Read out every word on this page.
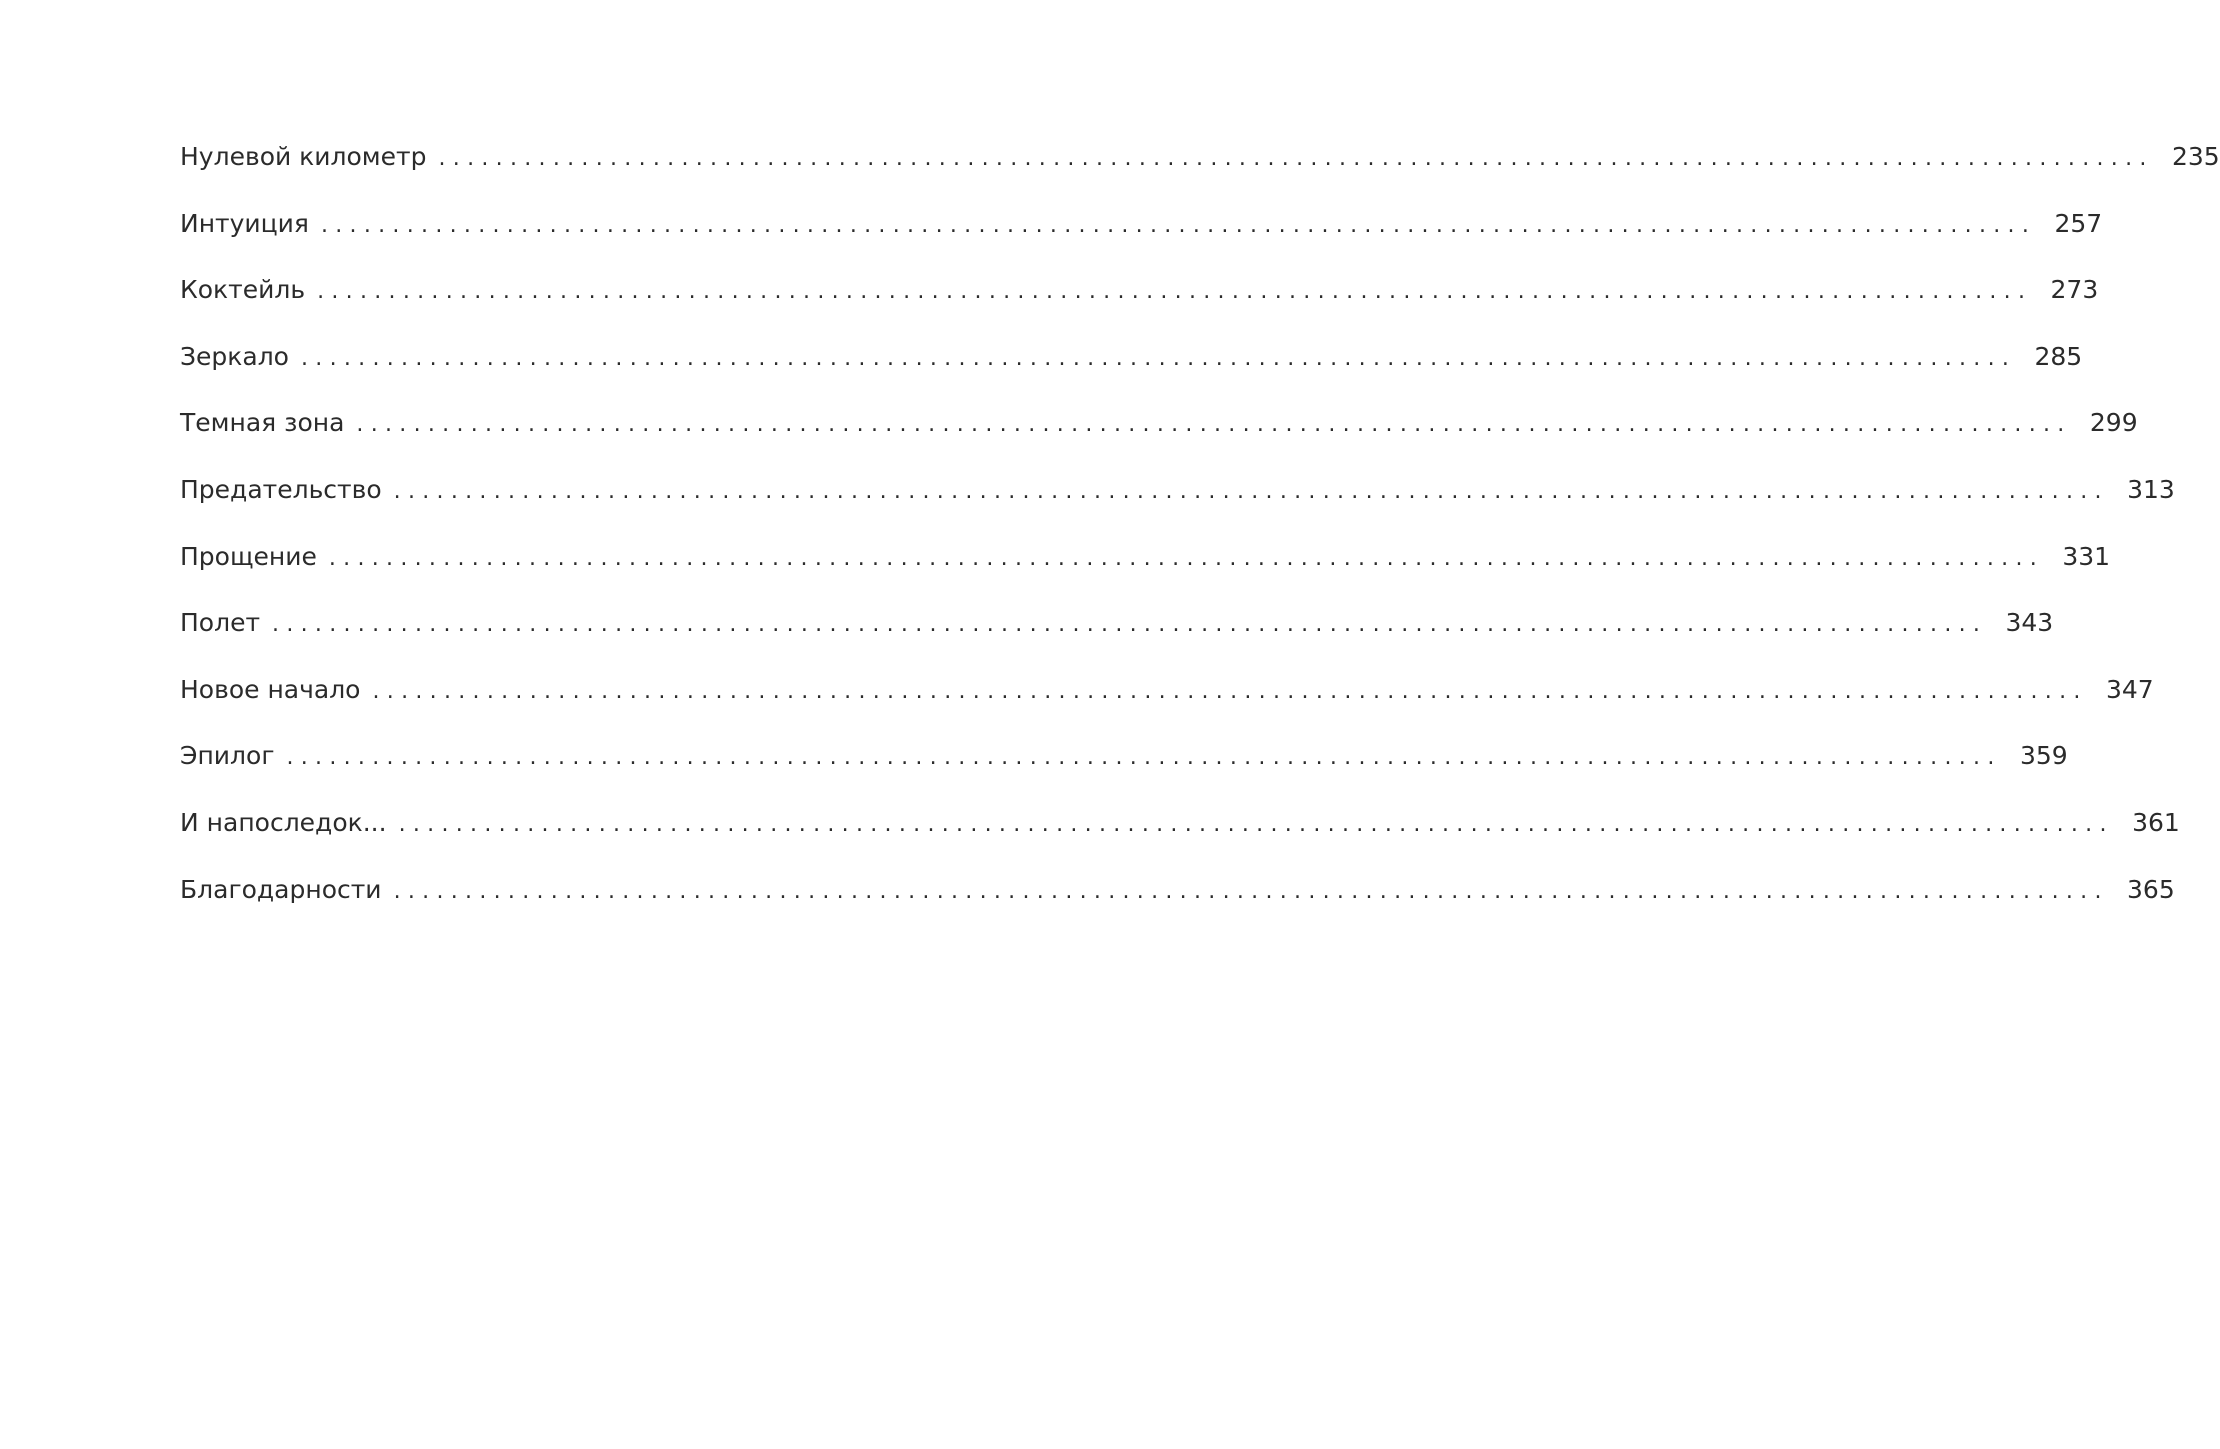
Нулевой километр ........................................................................................................................ 235
Интуиция ........................................................................................................................ 257
Коктейль ........................................................................................................................ 273
Зеркало ........................................................................................................................ 285
Темная зона ........................................................................................................................ 299
Предательство ........................................................................................................................ 313
Прощение ........................................................................................................................ 331
Полет ........................................................................................................................ 343
Новое начало ........................................................................................................................ 347
Эпилог ........................................................................................................................ 359
И напоследок... ........................................................................................................................ 361
Благодарности ........................................................................................................................ 365
